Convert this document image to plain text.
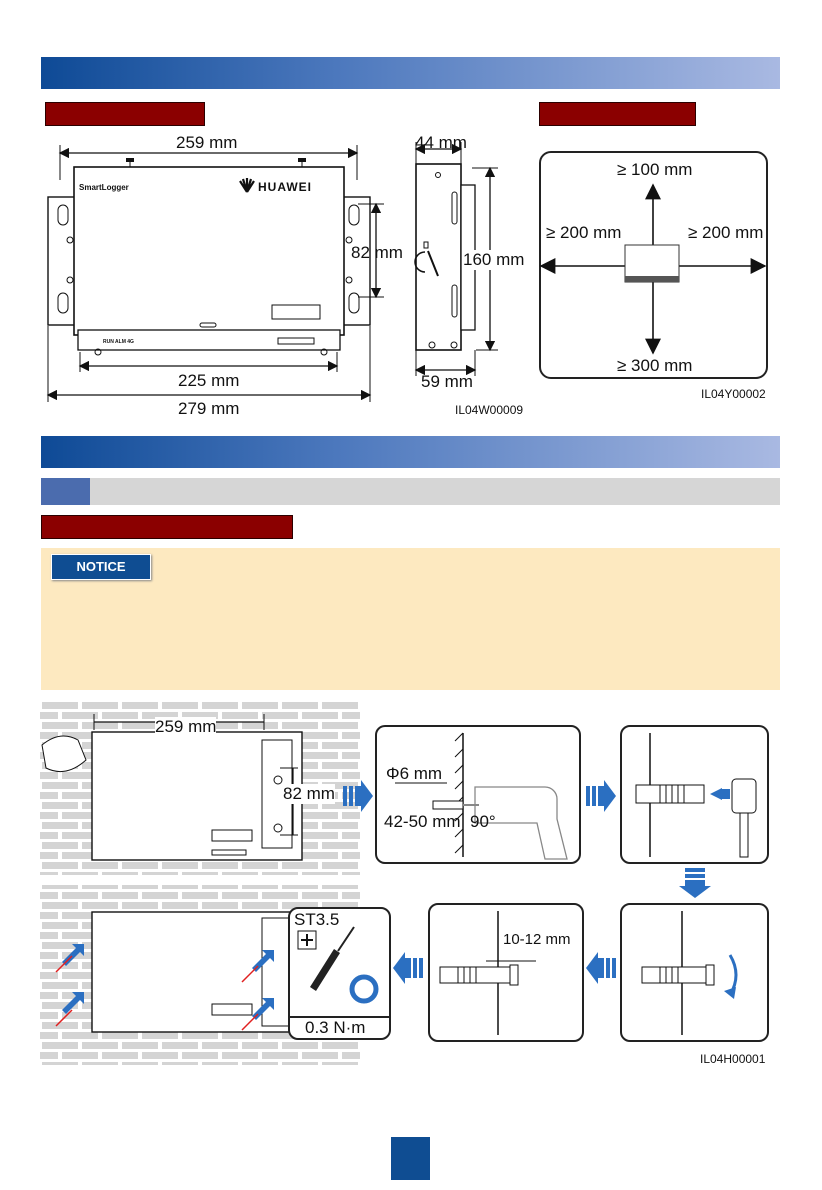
259 mm	44 mm
82 mm	160 mm
225 mm
279 mm
59 mm
SmartLogger	HUAWEI
RUN ALM 4G
IL04W00009
≥ 100 mm
≥ 200 mm	≥ 200 mm
≥ 300 mm
IL04Y00002
NOTICE
259 mm
82 mm
Φ6 mm
42-50 mm 90°
10-12 mm
ST3.5
0.3 N·m
IL04H00001
